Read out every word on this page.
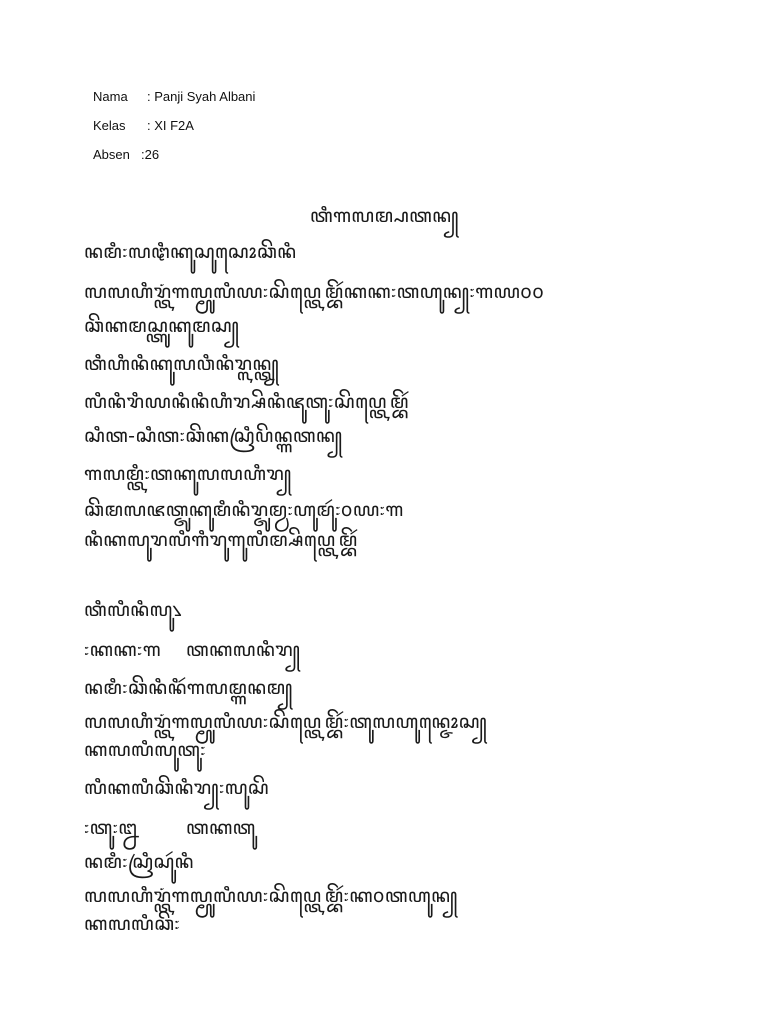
Nama : Panji Syah Albani
Kelas : XI F2A
Absen :26
ꦠꦶꦒꦭꦩ꧀ꦥꦠꦤ꧀
ꦤꦩꦶ꧇ꦭꦛꦶꦏꦸꦱꦸꦱꦺꦴꦕꦼꦤꦶ
ꦭꦭꦲꦶꦫ꧀ꦠꦁꦒꦭ꧀ꦩꦸꦭꦶꦪ꧇ꦱꦼꦥ꧀ꦠꦺꦩ꧀ꦧꦼꦂꦏꦏ꧇ꦠꦲꦸꦤ꧀꧇꧑꧙꧐꧐
ꦕꦼꦏꦩꦱ꧀ꦠꦸꦏꦸꦩꦱ꧀
ꦠꦶꦲꦶꦤꦶꦏꦸꦭꦮꦶꦤꦶꦫ꧀ꦭꦤ꧀ꦠ꧀
ꦭꦶꦤꦶꦫꦶꦪꦤꦶꦤꦶꦲꦶꦫ꧀ꦱꦼꦤꦶꦗꦸꦠꦸ꧇ꦱꦼꦥ꧀ꦠꦺꦩ꧀ꦧꦼꦂ
ꦱꦶꦠ-ꦱꦶꦠ꧇ꦕꦼꦏꦱꦿꦶꦥꦼꦤ꧀ꦒꦠꦤ꧀
ꦒꦭꦩ꧀ꦠꦶ꧇ꦠꦏꦸꦭꦭꦲꦶꦫ꧀
ꦕꦼꦩꦭꦗꦠ꧀ꦗꦸꦏꦸꦩꦶꦤꦶꦫ꧀ꦗꦸꦩ꧀ꦮ꧇ꦲꦸꦩꦸꦂ꧇꧐꧙꧇꧑
ꦤꦶꦏꦭꦸꦫꦭꦶꦒꦶꦫꦸꦒꦸꦭꦶꦩ꧀ꦱꦼꦥ꧀ꦠꦺꦩ꧀ꦧꦼꦂ
ꦠꦶꦭꦶꦤꦶꦭꦸ꧈
꧇ꦏꦏ꧇꧑ ꦠꦏꦭꦤꦶꦫ꧀
ꦤꦩꦶ꧇ꦕꦼꦤꦶꦤꦶꦂꦒꦭꦩ꧀ꦒꦤꦩ꧀
ꦭꦭꦲꦶꦫ꧀ꦠꦁꦒꦭ꧀ꦩꦸꦭꦶꦪ꧇ꦱꦼꦥ꧀ꦠꦺꦩ꧀ꦧꦼꦂ꧇ꦠꦸꦭꦲꦸꦤ꧀ꦗꦺꦴꦱ꧀
ꦏꦭꦭꦶꦭꦸꦠꦸ꧇
ꦭꦶꦏꦭꦶꦕꦼꦤꦶꦫ꧀꧇ꦭꦸꦱꦼ
꧇ꦠꦸ꧇꧒	ꦠꦏꦠꦸ
ꦤꦩꦶ꧇ꦱꦿꦶꦱꦸꦂꦤꦶ
ꦭꦭꦲꦶꦫ꧀ꦠꦁꦒꦭ꧀ꦩꦸꦭꦶꦪ꧇ꦱꦼꦥ꧀ꦠꦺꦩ꧀ꦧꦼꦂ꧇ꦏ꧐ꦠꦲꦸꦤ꧀
ꦏꦭꦭꦶꦕꦼ꧇
